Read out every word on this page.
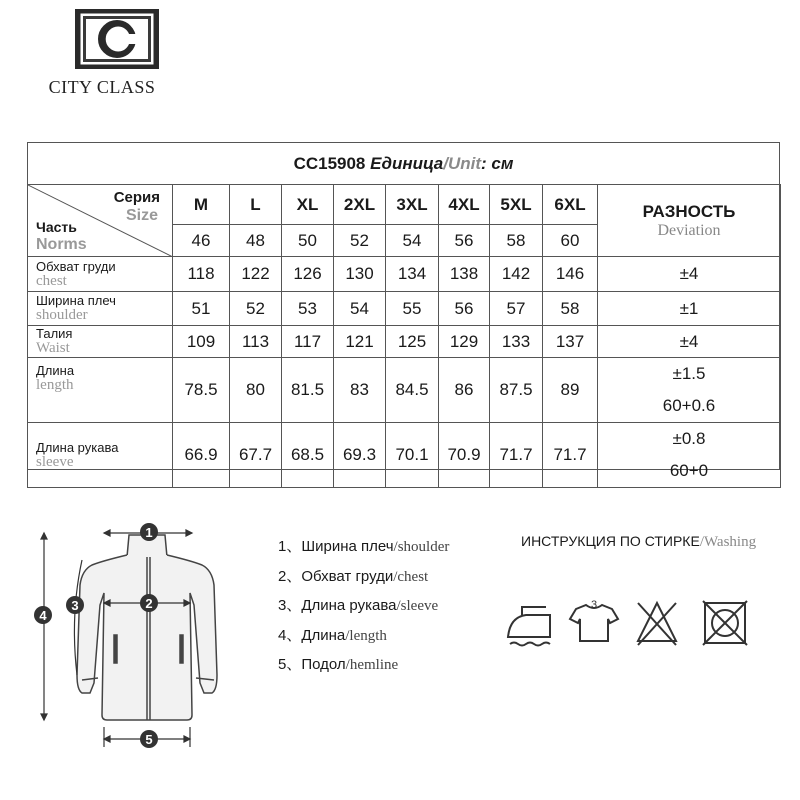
CITY CLASS
CC15908 Единица/Unit: см
Серия
Size
Часть
Norms	M	L	XL	2XL	3XL	4XL	5XL	6XL	РАЗНОСТЬ
Deviation

	46	48	50	52	54	56	58	60	

Обхват груди
chest	118	122	126	130	134	138	142	146	±4

Ширина плеч
shoulder	51	52	53	54	55	56	57	58	±1

Талия
Waist	109	113	117	121	125	129	133	137	±4

Длина
length	78.5	80	81.5	83	84.5	86	87.5	89	±1.5
60+0.6

Длина рукава
sleeve	66.9	67.7	68.5	69.3	70.1	70.9	71.7	71.7	±0.8
60+0
1
2
3
4
5
1、Ширина плеч/shoulder
2、Обхват груди/chest
3、Длина рукава/sleeve
4、Длина/length
5、Подол/hemline
ИНСТРУКЦИЯ ПО СТИРКЕ/Washing
3
